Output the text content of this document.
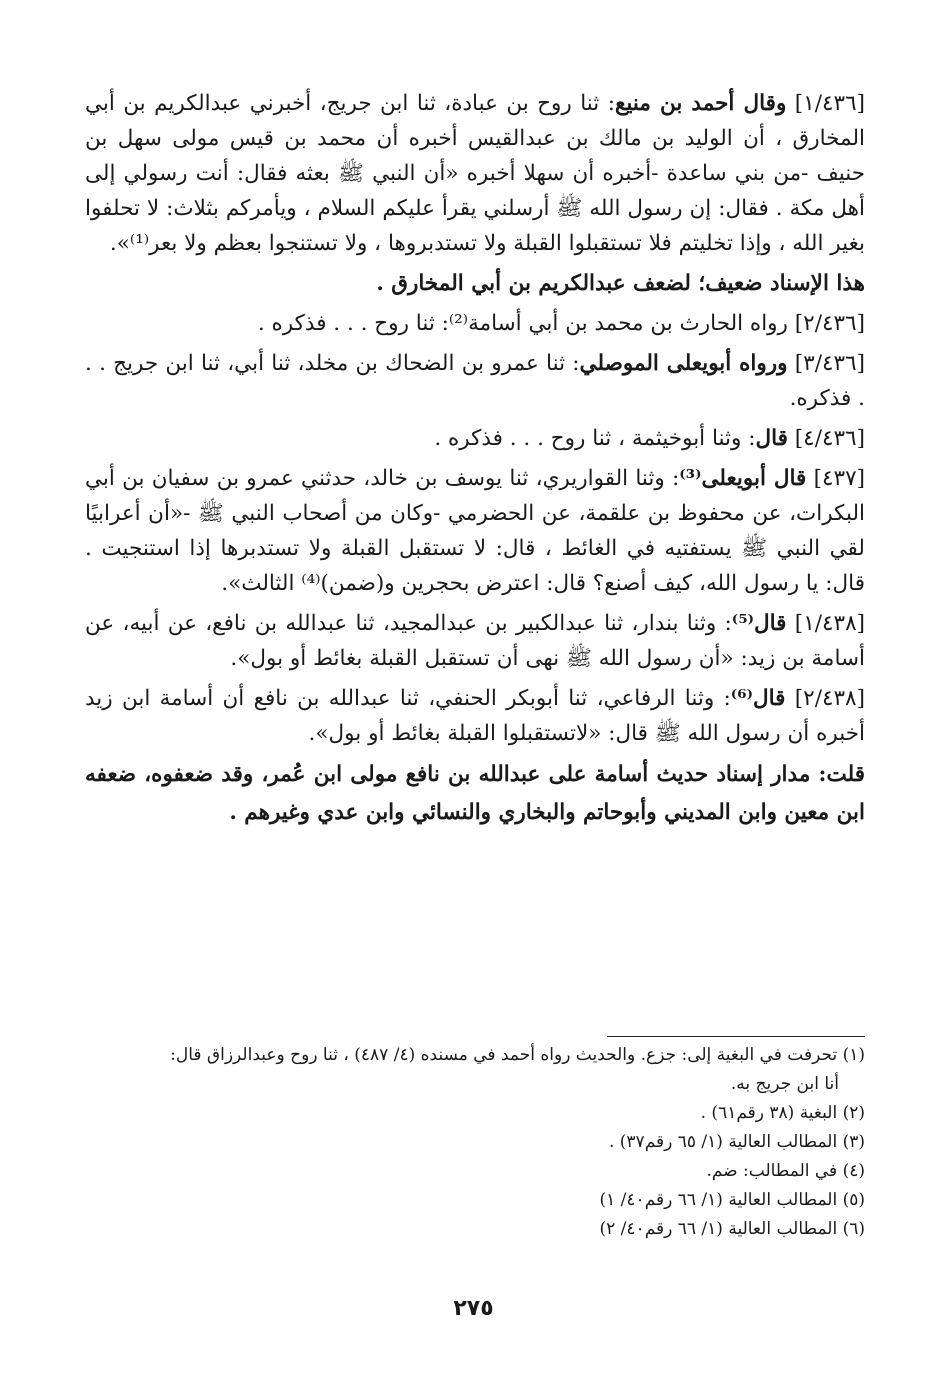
[١/٤٣٦] وقال أحمد بن منيع: ثنا روح بن عبادة، ثنا ابن جريج، أخبرني عبدالكريم بن أبي المخارق ، أن الوليد بن مالك بن عبدالقيس أخبره أن محمد بن قيس مولى سهل بن حنيف -من بني ساعدة -أخبره أن سهلا أخبره «أن النبي ﷺ بعثه فقال: أنت رسولي إلى أهل مكة . فقال: إن رسول الله ﷺ أرسلني يقرأ عليكم السلام ، ويأمركم بثلاث: لا تحلفوا بغير الله ، وإذا تخليتم فلا تستقبلوا القبلة ولا تستدبروها ، ولا تستنجوا بعظم ولا بعر⁽¹⁾».

هذا الإسناد ضعيف؛ لضعف عبدالكريم بن أبي المخارق .

[٢/٤٣٦] رواه الحارث بن محمد بن أبي أسامة⁽²⁾: ثنا روح . . . فذكره .

[٣/٤٣٦] ورواه أبويعلى الموصلي: ثنا عمرو بن الضحاك بن مخلد، ثنا أبي، ثنا ابن جريج . . . فذكره.

[٤/٤٣٦] قال: وثنا أبوخيثمة ، ثنا روح . . . فذكره .

[٤٣٧] قال أبويعلى⁽³⁾: وثنا القواريري، ثنا يوسف بن خالد، حدثني عمرو بن سفيان بن أبي البكرات، عن محفوظ بن علقمة، عن الحضرمي -وكان من أصحاب النبي ﷺ -«أن أعرابيًا لقي النبي ﷺ يستفتيه في الغائط ، قال: لا تستقبل القبلة ولا تستدبرها إذا استنجيت . قال: يا رسول الله، كيف أصنع؟ قال: اعترض بحجرين و(ضمن)⁽⁴⁾ الثالث».

[١/٤٣٨] قال⁽⁵⁾: وثنا بندار، ثنا عبدالكبير بن عبدالمجيد، ثنا عبدالله بن نافع، عن أبيه، عن أسامة بن زيد: «أن رسول الله ﷺ نهى أن تستقبل القبلة بغائط أو بول».

[٢/٤٣٨] قال⁽⁶⁾: وثنا الرفاعي، ثنا أبوبكر الحنفي، ثنا عبدالله بن نافع أن أسامة ابن زيد أخبره أن رسول الله ﷺ قال: «لاتستقبلوا القبلة بغائط أو بول».

قلت: مدار إسناد حديث أسامة على عبدالله بن نافع مولى ابن عُمر، وقد ضعفوه، ضعفه ابن معين وابن المديني وأبوحاتم والبخاري والنسائي وابن عدي وغيرهم .

(١) تحرفت في البغية إلى: جزع. والحديث رواه أحمد في مسنده (٤/ ٤٨٧) ، ثنا روح وعبدالرزاق قال:

أنا ابن جريج به.

(٢) البغية (٣٨ رقم٦١) .

(٣) المطالب العالية (١/ ٦٥ رقم٣٧) .

(٤) في المطالب: ضم.

(٥) المطالب العالية (١/ ٦٦ رقم٤٠/ ١)

(٦) المطالب العالية (١/ ٦٦ رقم٤٠/ ٢)

٢٧٥
